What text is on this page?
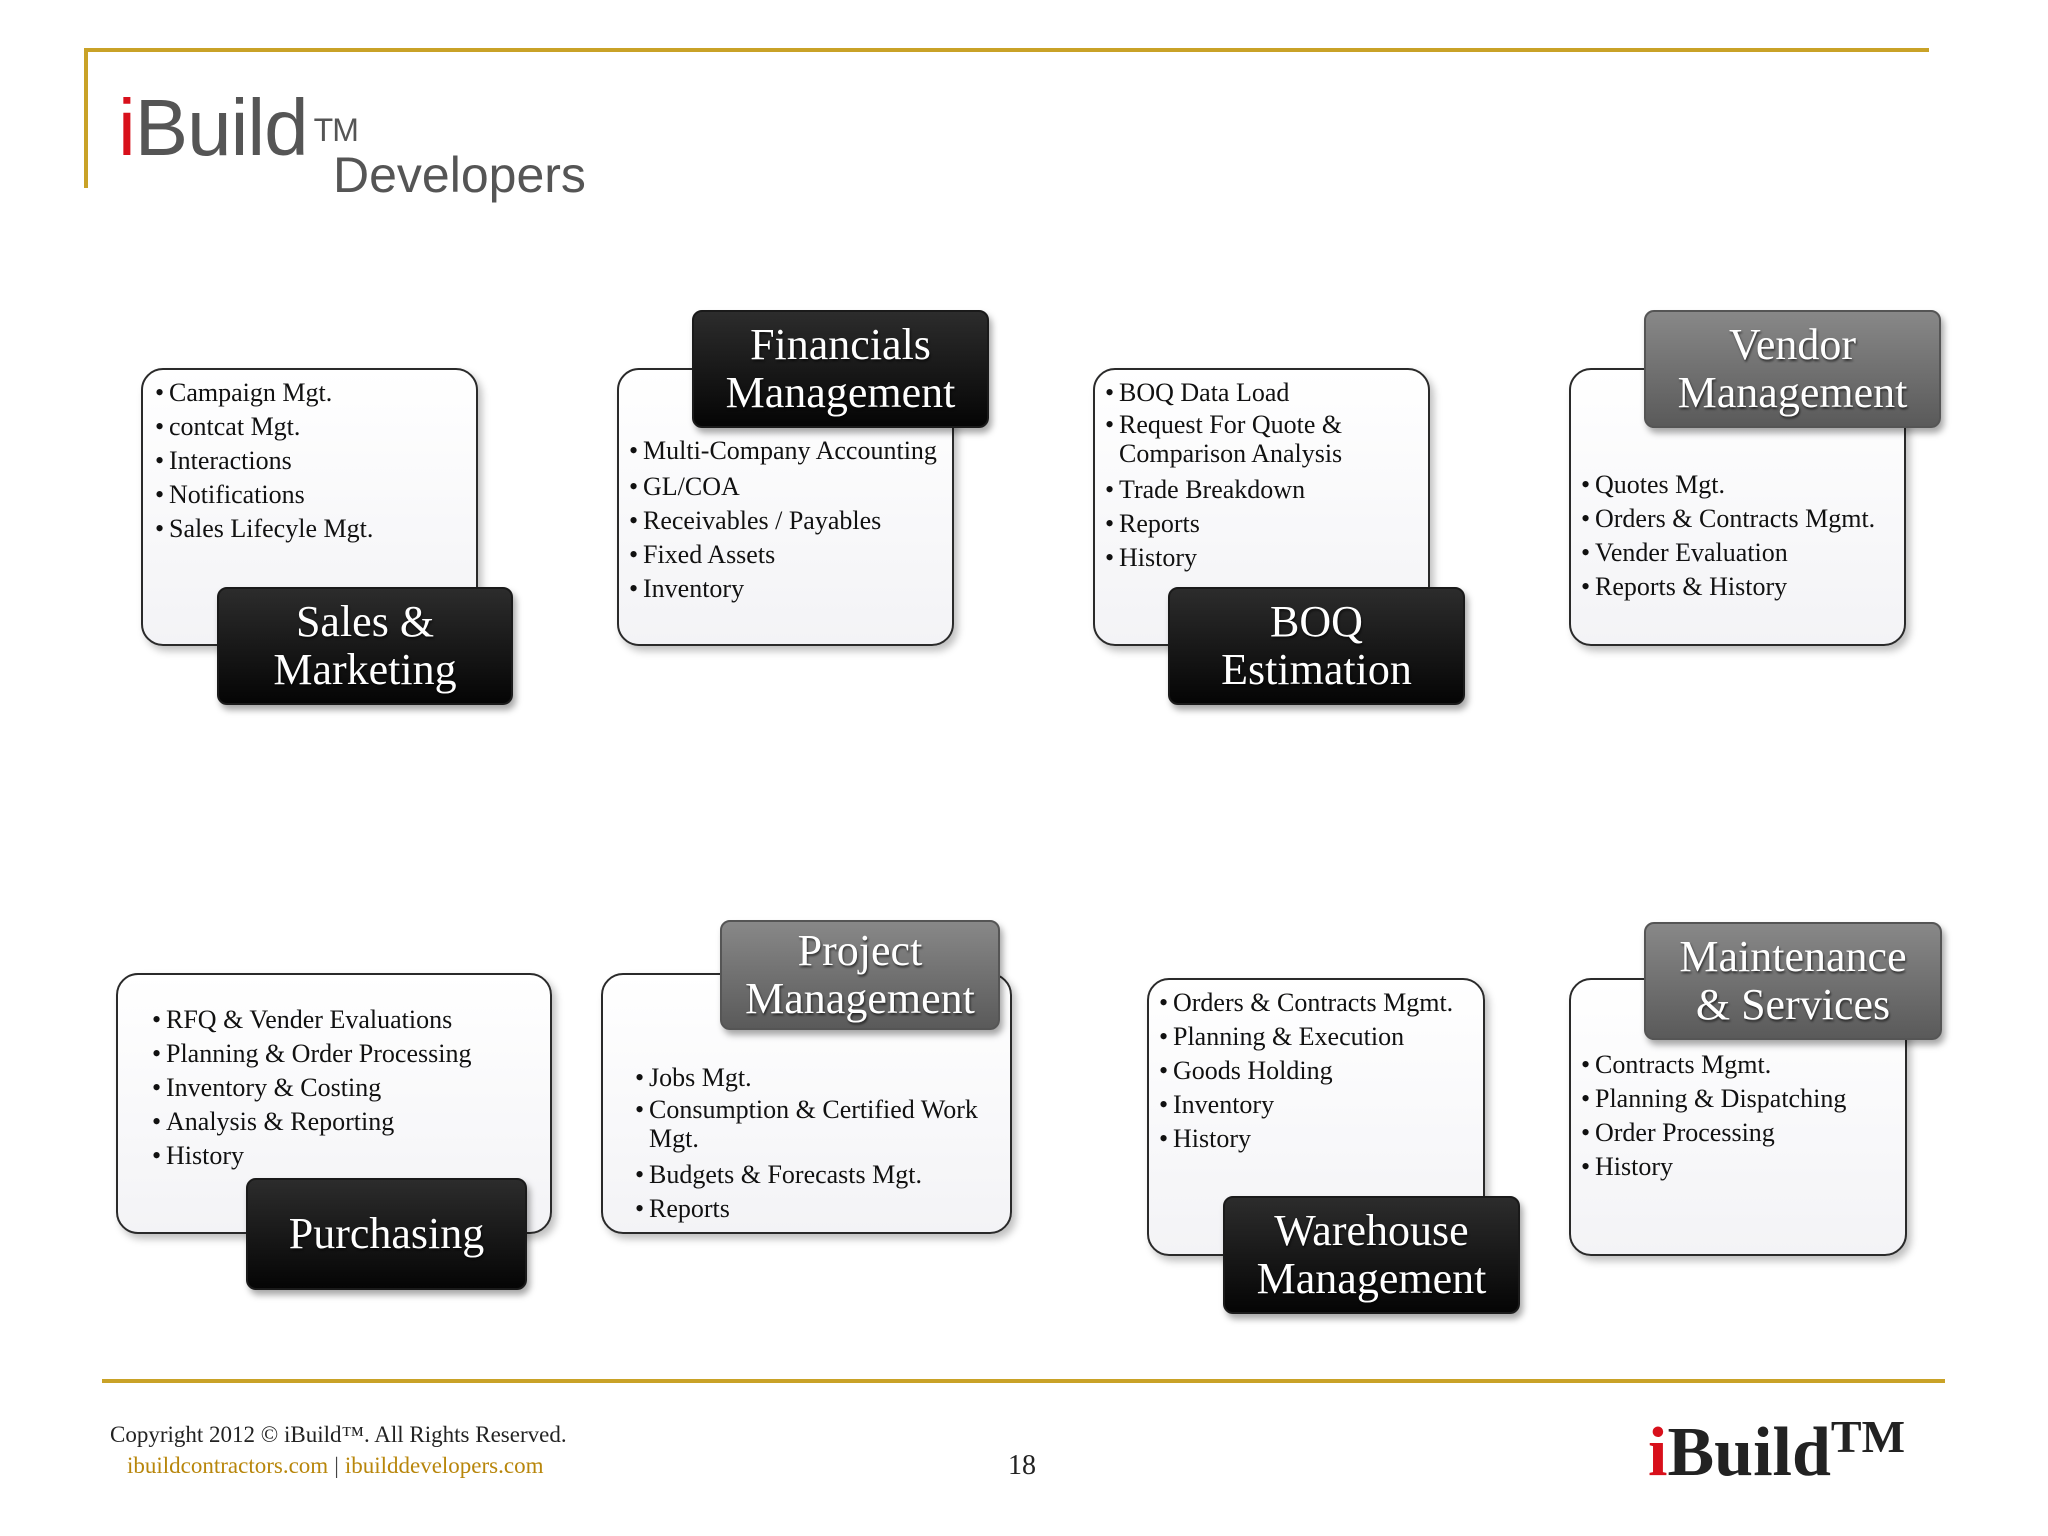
iBuild ™
Developers
• Campaign Mgt.
• contcat Mgt.
• Interactions
• Notifications
• Sales Lifecyle Mgt.
Sales &
Marketing
• Multi-Company Accounting
• GL/COA
• Receivables / Payables
• Fixed Assets
• Inventory
Financials
Management	• BOQ Data Load
• Request For Quote & Comparison Analysis
• Trade Breakdown
• Reports
• History
BOQ
Estimation
• Quotes Mgt.
• Orders & Contracts Mgmt.
• Vender Evaluation
• Reports & History
Vendor
Management
• RFQ & Vender Evaluations
• Planning & Order Processing
• Inventory & Costing
• Analysis & Reporting
• History
Purchasing
• Jobs Mgt.
• Consumption & Certified Work Mgt.
• Budgets & Forecasts Mgt.
• Reports
Project
Management	• Orders & Contracts Mgmt.
• Planning & Execution
• Goods Holding
• Inventory
• History
Warehouse
Management
• Contracts Mgmt.
• Planning & Dispatching
• Order Processing
• History
Maintenance
& Services
Copyright 2012 © iBuild™. All Rights Reserved.
ibuildcontractors.com | ibuilddevelopers.com	18	iBuild™
